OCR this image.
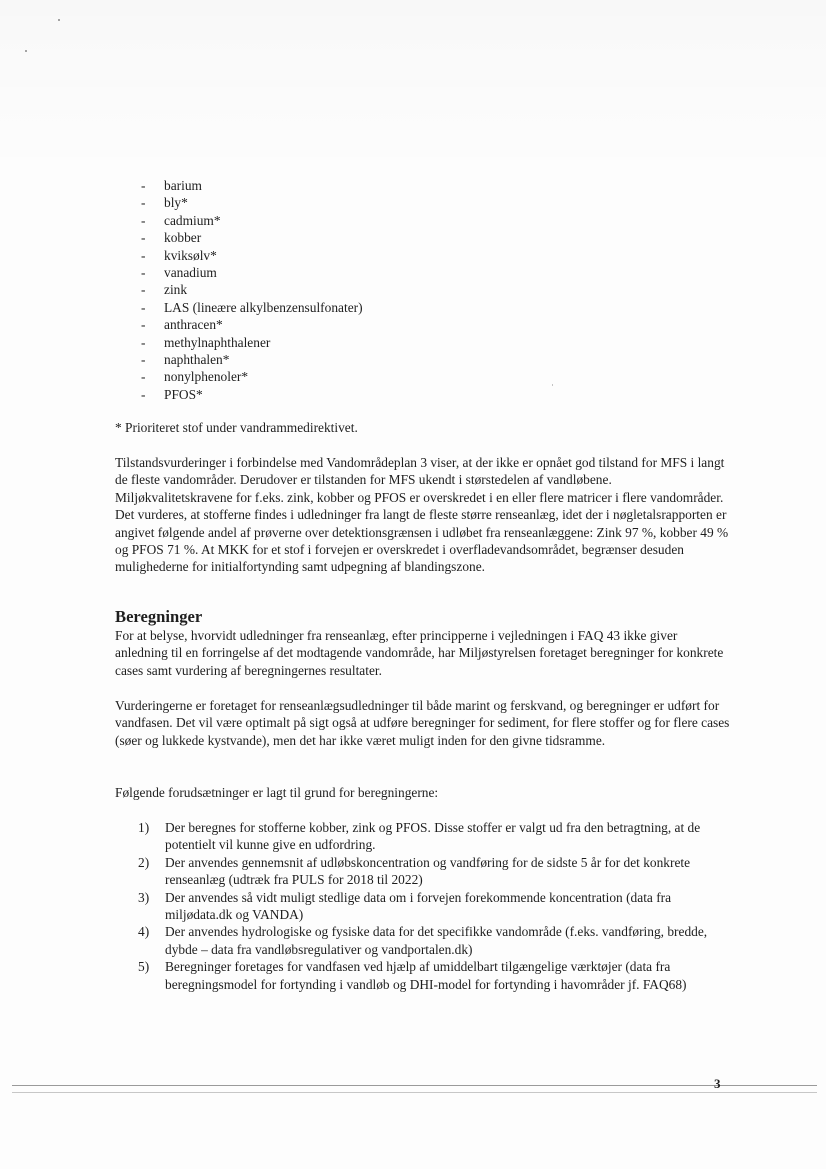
- barium
- bly*
- cadmium*
- kobber
- kviksølv*
- vanadium
- zink
- LAS (lineære alkylbenzensulfonater)
- anthracen*
- methylnaphthalener
- naphthalen*
- nonylphenoler*
- PFOS*

* Prioriteret stof under vandrammedirektivet.

Tilstandsvurderinger i forbindelse med Vandområdeplan 3 viser, at der ikke er opnået god tilstand for MFS i langt de fleste vandområder. Derudover er tilstanden for MFS ukendt i størstedelen af vandløbene. Miljøkvalitetskravene for f.eks. zink, kobber og PFOS er overskredet i en eller flere matricer i flere vandområder. Det vurderes, at stofferne findes i udledninger fra langt de fleste større renseanlæg, idet der i nøgletalsrapporten er angivet følgende andel af prøverne over detektionsgrænsen i udløbet fra renseanlæggene: Zink 97 %, kobber 49 % og PFOS 71 %. At MKK for et stof i forvejen er overskredet i overfladevandsområdet, begrænser desuden mulighederne for initialfortynding samt udpegning af blandingszone.

Beregninger

For at belyse, hvorvidt udledninger fra renseanlæg, efter principperne i vejledningen i FAQ 43 ikke giver anledning til en forringelse af det modtagende vandområde, har Miljøstyrelsen foretaget beregninger for konkrete cases samt vurdering af beregningernes resultater.

Vurderingerne er foretaget for renseanlægsudledninger til både marint og ferskvand, og beregninger er udført for vandfasen. Det vil være optimalt på sigt også at udføre beregninger for sediment, for flere stoffer og for flere cases (søer og lukkede kystvande), men det har ikke været muligt inden for den givne tidsramme.

Følgende forudsætninger er lagt til grund for beregningerne:

1) Der beregnes for stofferne kobber, zink og PFOS. Disse stoffer er valgt ud fra den betragtning, at de potentielt vil kunne give en udfordring.
2) Der anvendes gennemsnit af udløbskoncentration og vandføring for de sidste 5 år for det konkrete renseanlæg (udtræk fra PULS for 2018 til 2022)
3) Der anvendes så vidt muligt stedlige data om i forvejen forekommende koncentration (data fra miljødata.dk og VANDA)
4) Der anvendes hydrologiske og fysiske data for det specifikke vandområde (f.eks. vandføring, bredde, dybde – data fra vandløbsregulativer og vandportalen.dk)
5) Beregninger foretages for vandfasen ved hjælp af umiddelbart tilgængelige værktøjer (data fra beregningsmodel for fortynding i vandløb og DHI-model for fortynding i havområder jf. FAQ68)
3
